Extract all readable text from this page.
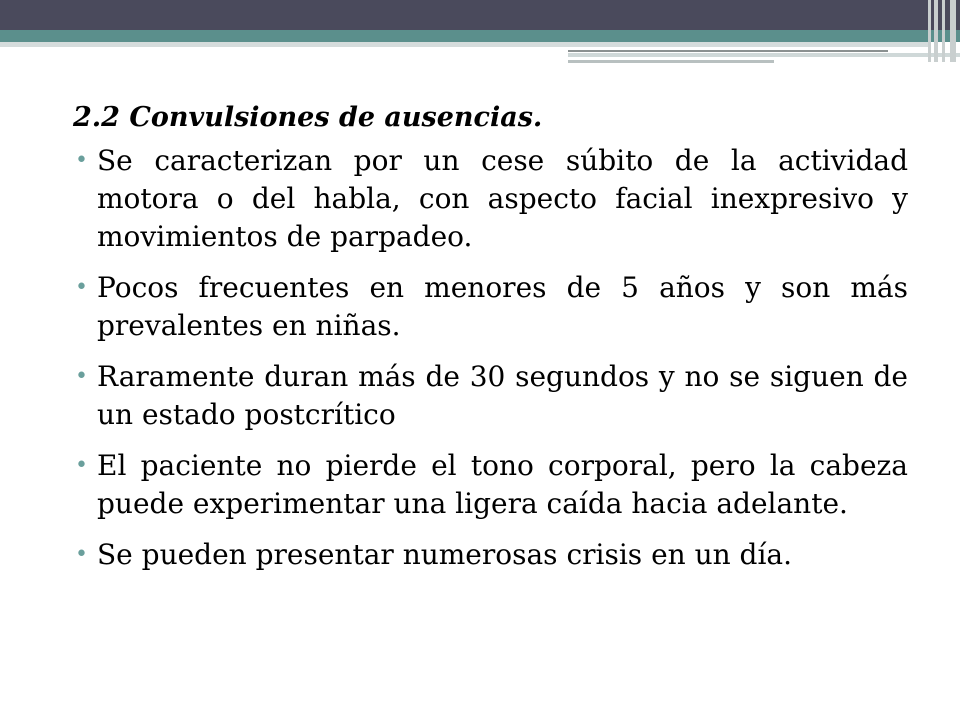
2.2 Convulsiones de ausencias.
• Se caracterizan por un cese súbito de la actividad motora o del habla, con aspecto facial inexpresivo y movimientos de parpadeo.
• Pocos frecuentes en menores de 5 años y son más prevalentes en niñas.
• Raramente duran más de 30 segundos y no se siguen de un estado postcrítico
• El paciente no pierde el tono corporal, pero la cabeza puede experimentar una ligera caída hacia adelante.
• Se pueden presentar numerosas crisis en un día.
